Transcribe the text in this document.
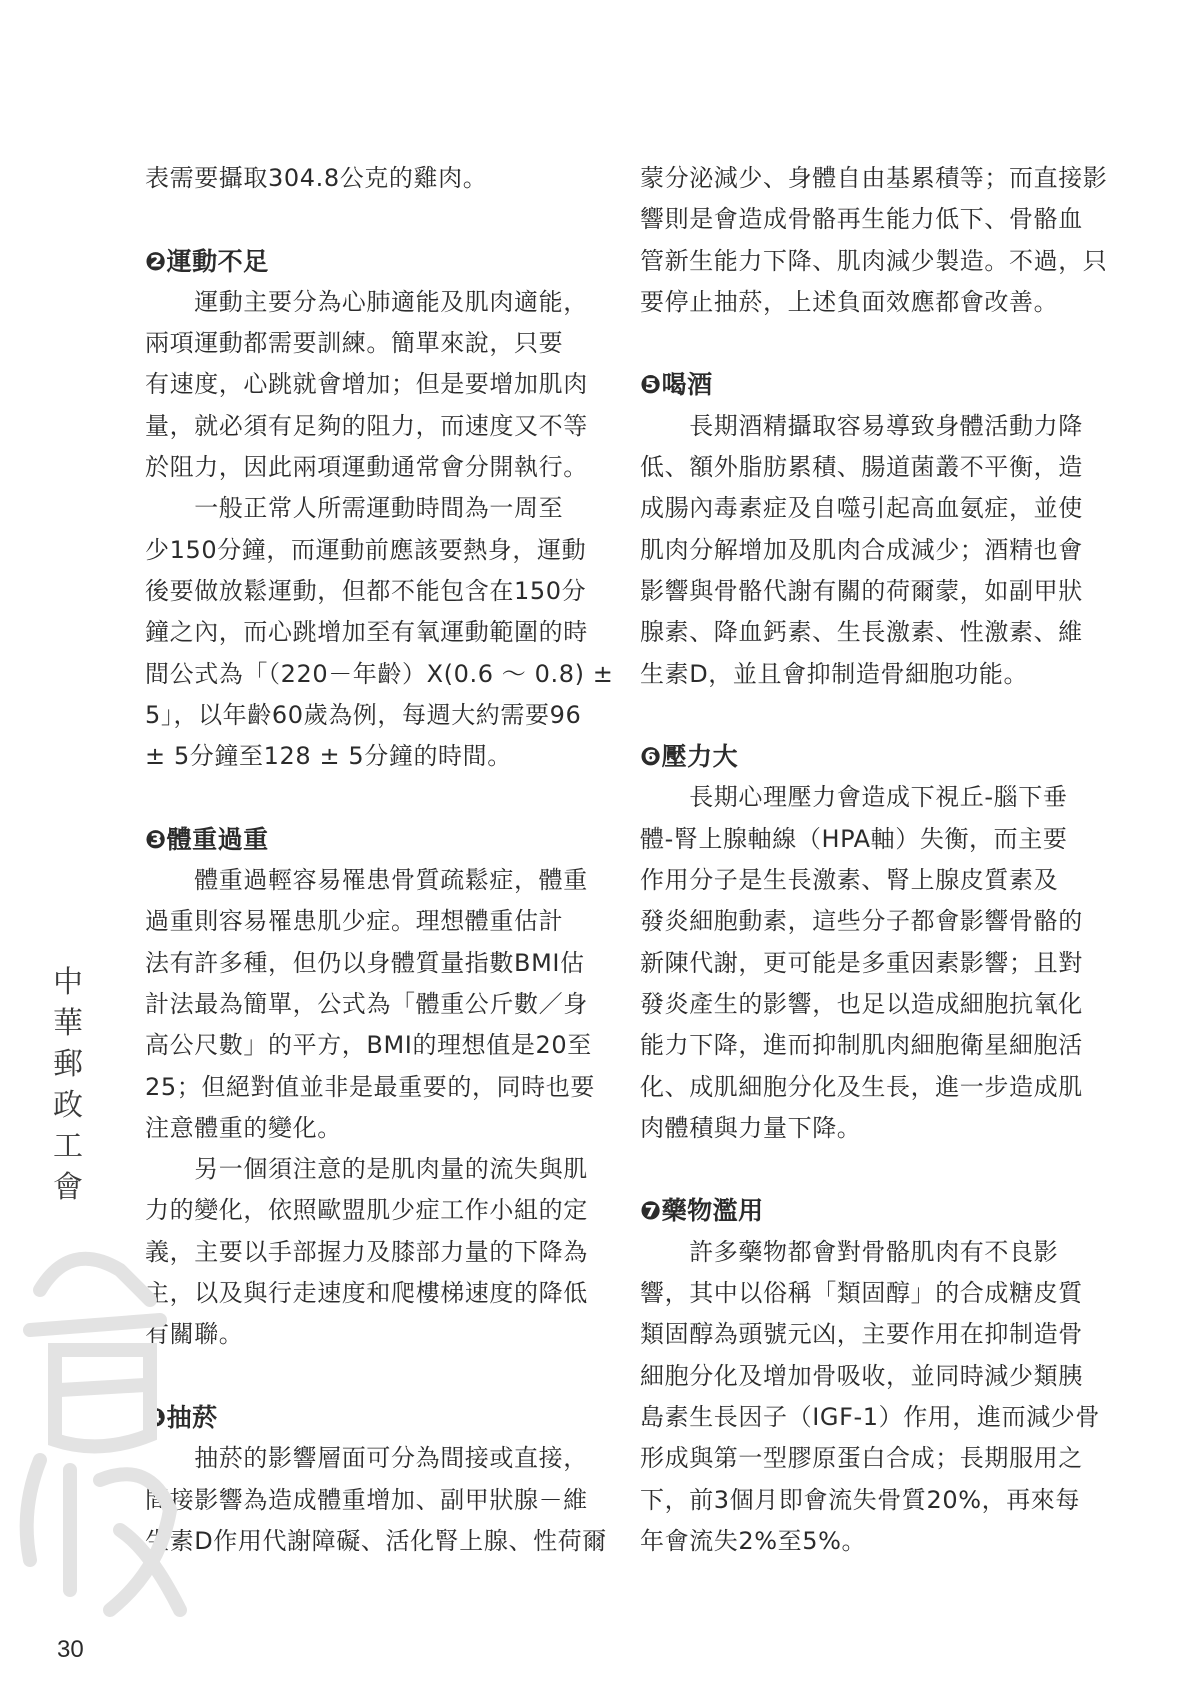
表需要攝取304.8公克的雞肉。
❷運動不足
　　運動主要分為心肺適能及肌肉適能，
兩項運動都需要訓練。簡單來說，只要
有速度，心跳就會增加；但是要增加肌肉
量，就必須有足夠的阻力，而速度又不等
於阻力，因此兩項運動通常會分開執行。
　　一般正常人所需運動時間為一周至
少150分鐘，而運動前應該要熱身，運動
後要做放鬆運動，但都不能包含在150分
鐘之內，而心跳增加至有氧運動範圍的時
間公式為「（220－年齡）X(0.6 ～ 0.8) ±
5」，以年齡60歲為例，每週大約需要96
± 5分鐘至128 ± 5分鐘的時間。
❸體重過重
　　體重過輕容易罹患骨質疏鬆症，體重
過重則容易罹患肌少症。理想體重估計
法有許多種，但仍以身體質量指數BMI估
計法最為簡單，公式為「體重公斤數／身
高公尺數」的平方，BMI的理想值是20至
25；但絕對值並非是最重要的，同時也要
注意體重的變化。
　　另一個須注意的是肌肉量的流失與肌
力的變化，依照歐盟肌少症工作小組的定
義，主要以手部握力及膝部力量的下降為
主，以及與行走速度和爬樓梯速度的降低
有關聯。
❹抽菸
　　抽菸的影響層面可分為間接或直接，
間接影響為造成體重增加、副甲狀腺－維
生素D作用代謝障礙、活化腎上腺、性荷爾
蒙分泌減少、身體自由基累積等；而直接影
響則是會造成骨骼再生能力低下、骨骼血
管新生能力下降、肌肉減少製造。不過，只
要停止抽菸，上述負面效應都會改善。
❺喝酒
　　長期酒精攝取容易導致身體活動力降
低、額外脂肪累積、腸道菌叢不平衡，造
成腸內毒素症及自噬引起高血氨症，並使
肌肉分解增加及肌肉合成減少；酒精也會
影響與骨骼代謝有關的荷爾蒙，如副甲狀
腺素、降血鈣素、生長激素、性激素、維
生素D，並且會抑制造骨細胞功能。
❻壓力大
　　長期心理壓力會造成下視丘-腦下垂
體-腎上腺軸線（HPA軸）失衡，而主要
作用分子是生長激素、腎上腺皮質素及
發炎細胞動素，這些分子都會影響骨骼的
新陳代謝，更可能是多重因素影響；且對
發炎產生的影響，也足以造成細胞抗氧化
能力下降，進而抑制肌肉細胞衛星細胞活
化、成肌細胞分化及生長，進一步造成肌
肉體積與力量下降。
❼藥物濫用
　　許多藥物都會對骨骼肌肉有不良影
響，其中以俗稱「類固醇」的合成糖皮質
類固醇為頭號元凶，主要作用在抑制造骨
細胞分化及增加骨吸收，並同時減少類胰
島素生長因子（IGF-1）作用，進而減少骨
形成與第一型膠原蛋白合成；長期服用之
下，前3個月即會流失骨質20%，再來每
年會流失2%至5%。
中
華
郵
政
工
會
30
